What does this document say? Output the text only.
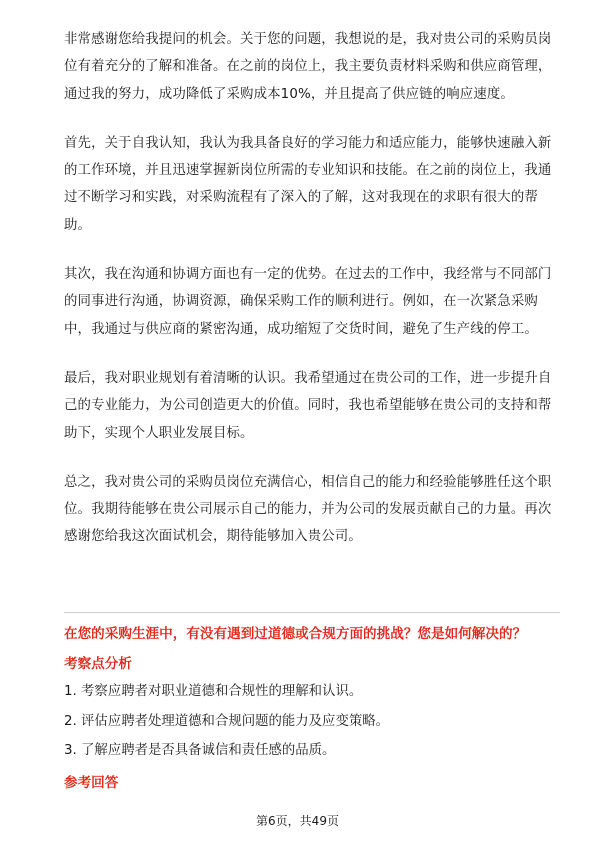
非常感谢您给我提问的机会。关于您的问题，我想说的是，我对贵公司的采购员岗
位有着充分的了解和准备。在之前的岗位上，我主要负责材料采购和供应商管理，
通过我的努力，成功降低了采购成本10%，并且提高了供应链的响应速度。

首先，关于自我认知，我认为我具备良好的学习能力和适应能力，能够快速融入新
的工作环境，并且迅速掌握新岗位所需的专业知识和技能。在之前的岗位上，我通
过不断学习和实践，对采购流程有了深入的了解，这对我现在的求职有很大的帮
助。

其次，我在沟通和协调方面也有一定的优势。在过去的工作中，我经常与不同部门
的同事进行沟通，协调资源，确保采购工作的顺利进行。例如，在一次紧急采购
中，我通过与供应商的紧密沟通，成功缩短了交货时间，避免了生产线的停工。

最后，我对职业规划有着清晰的认识。我希望通过在贵公司的工作，进一步提升自
己的专业能力，为公司创造更大的价值。同时，我也希望能够在贵公司的支持和帮
助下，实现个人职业发展目标。

总之，我对贵公司的采购员岗位充满信心，相信自己的能力和经验能够胜任这个职
位。我期待能够在贵公司展示自己的能力，并为公司的发展贡献自己的力量。再次
感谢您给我这次面试机会，期待能够加入贵公司。

在您的采购生涯中，有没有遇到过道德或合规方面的挑战？您是如何解决的？
考察点分析
1. 考察应聘者对职业道德和合规性的理解和认识。
2. 评估应聘者处理道德和合规问题的能力及应变策略。
3. 了解应聘者是否具备诚信和责任感的品质。
参考回答
第6页，共49页
